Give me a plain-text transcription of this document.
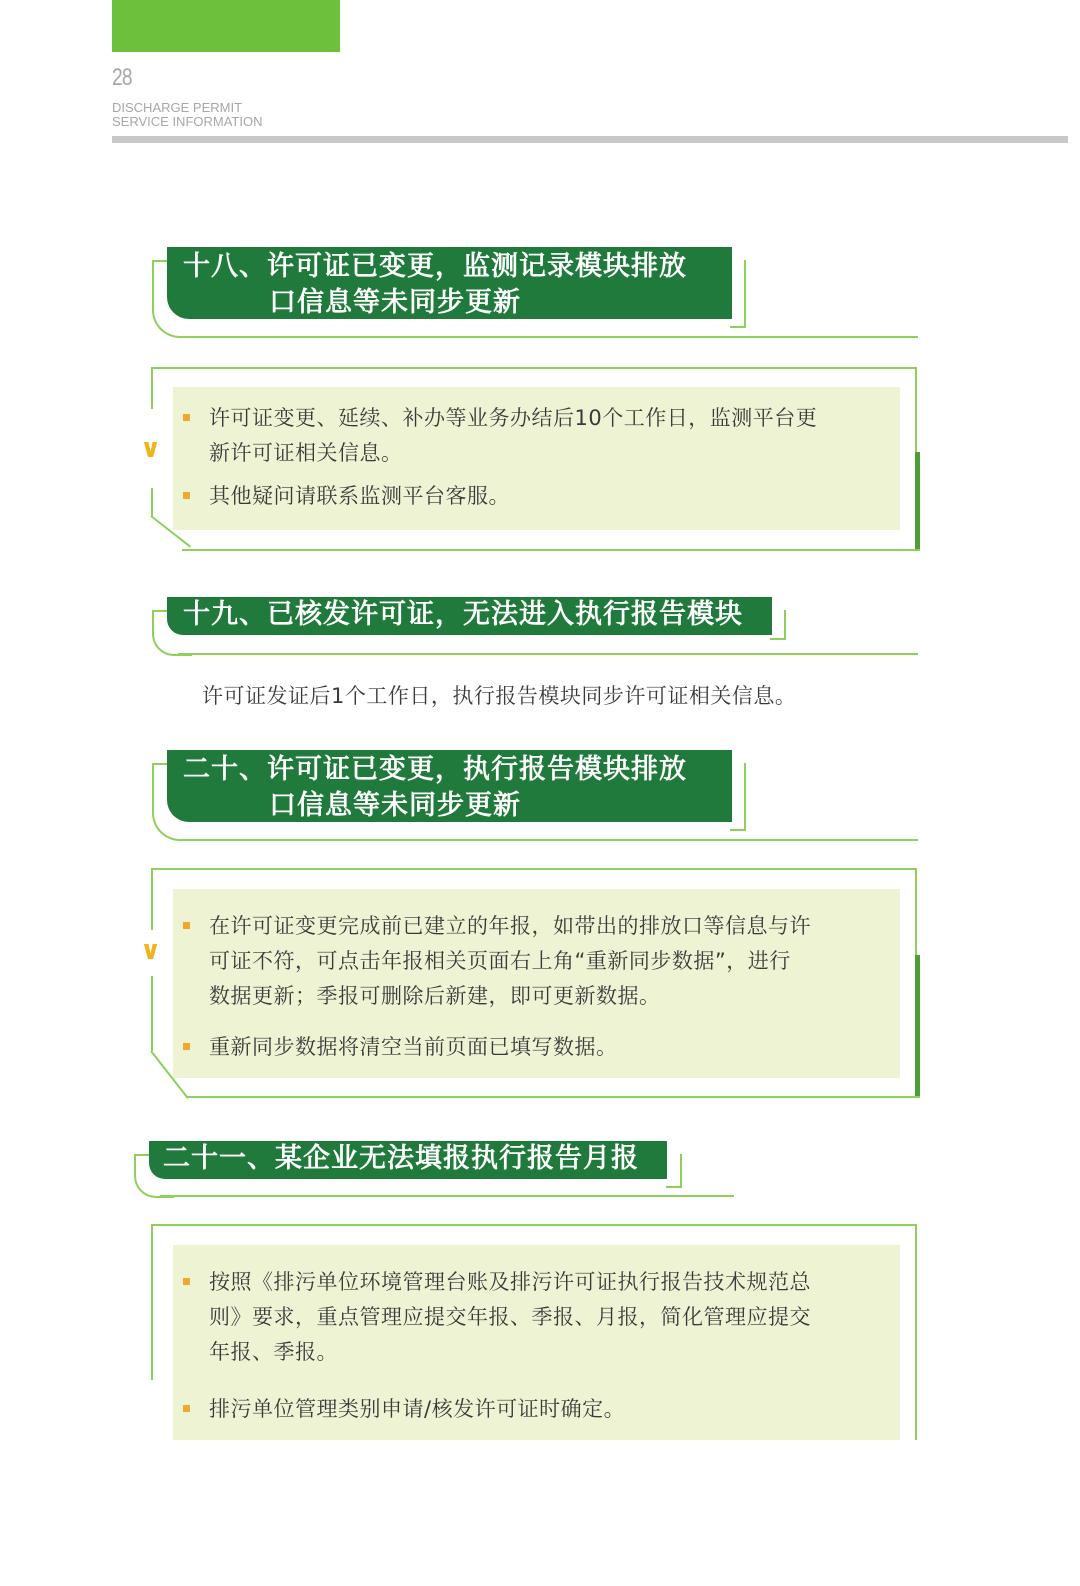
28
DISCHARGE PERMIT
SERVICE INFORMATION
十八、许可证已变更，监测记录模块排放
口信息等未同步更新
∨
许可证变更、延续、补办等业务办结后10个工作日，监测平台更
新许可证相关信息。
其他疑问请联系监测平台客服。
十九、已核发许可证，无法进入执行报告模块
许可证发证后1个工作日，执行报告模块同步许可证相关信息。
二十、许可证已变更，执行报告模块排放
口信息等未同步更新
∨
在许可证变更完成前已建立的年报，如带出的排放口等信息与许
可证不符，可点击年报相关页面右上角“重新同步数据”，进行
数据更新；季报可删除后新建，即可更新数据。
重新同步数据将清空当前页面已填写数据。
二十一、某企业无法填报执行报告月报
按照《排污单位环境管理台账及排污许可证执行报告技术规范总
则》要求，重点管理应提交年报、季报、月报，简化管理应提交
年报、季报。
排污单位管理类别申请/核发许可证时确定。
